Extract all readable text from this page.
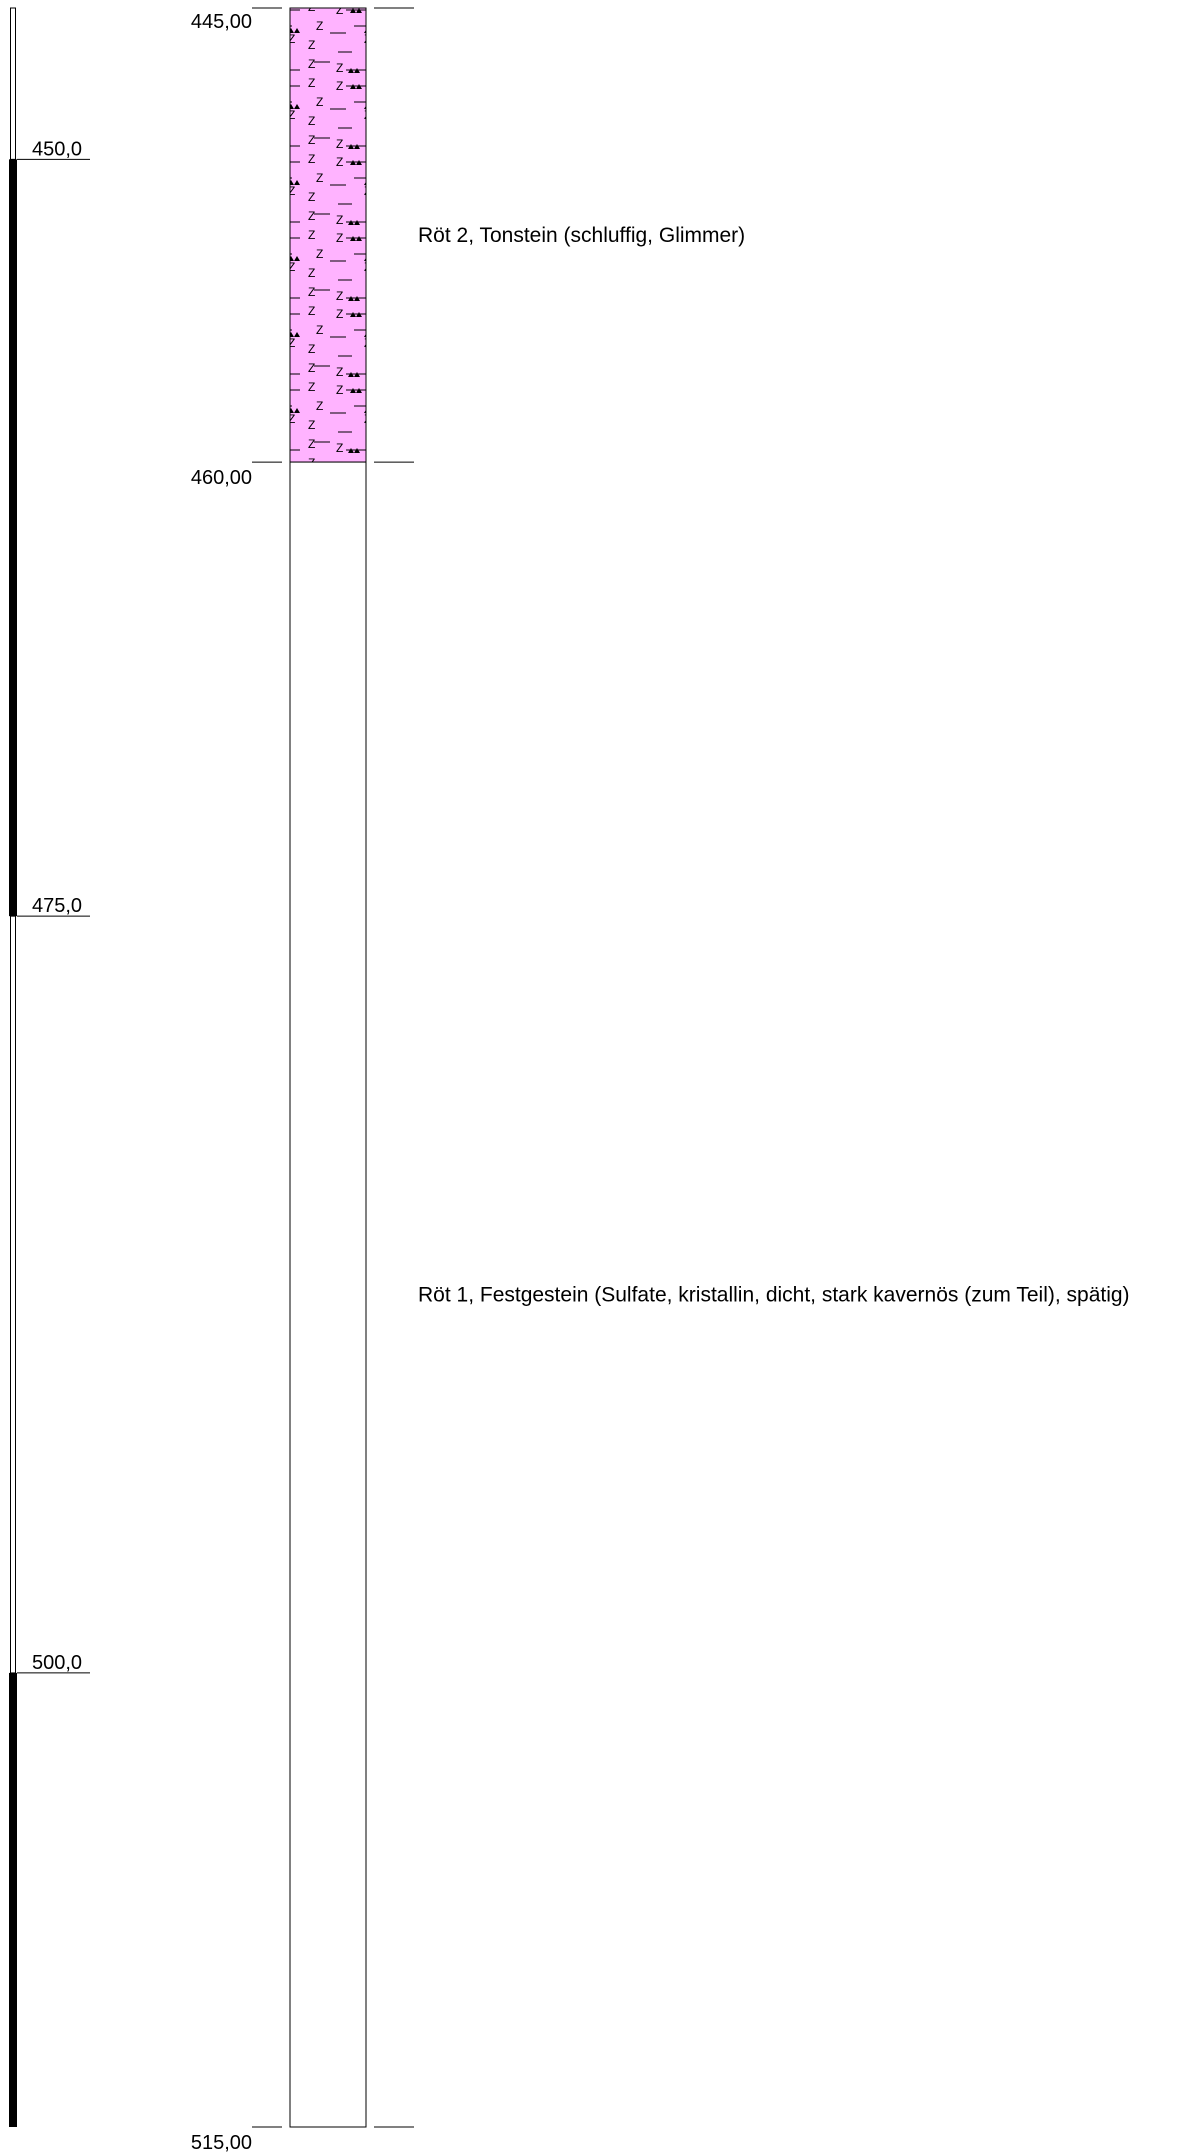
450,0
475,0
500,0
445,00
460,00
515,00
Röt 2, Tonstein (schluffig, Glimmer)
Röt 1, Festgestein (Sulfate, kristallin, dicht, stark kavernös (zum Teil), spätig)
